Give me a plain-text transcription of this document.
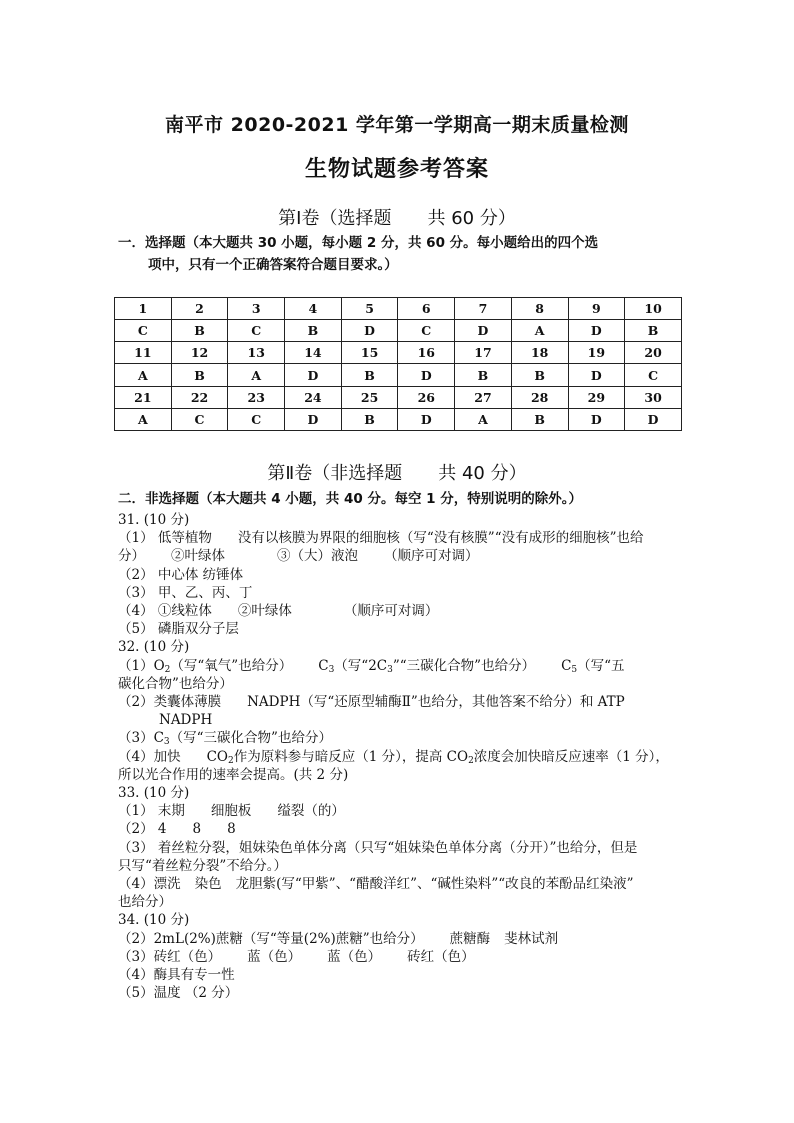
南平市 2020-2021 学年第一学期高一期末质量检测
生物试题参考答案
第Ⅰ卷（选择题　　共 60 分）
一．选择题（本大题共 30 小题，每小题 2 分，共 60 分。每小题给出的四个选
项中，只有一个正确答案符合题目要求。）
1	2	3	4	5	6	7	8	9	10
C	B	C	B	D	C	D	A	D	B
11	12	13	14	15	16	17	18	19	20
A	B	A	D	B	D	B	B	D	C
21	22	23	24	25	26	27	28	29	30
A	C	C	D	B	D	A	B	D	D
第Ⅱ卷（非选择题　　共 40 分）
二．非选择题（本大题共 4 小题，共 40 分。每空 1 分，特别说明的除外。）
31. (10 分)
（1） 低等植物 没有以核膜为界限的细胞核（写“没有核膜”“没有成形的细胞核”也给
分） ②叶绿体	③（大）液泡 （顺序可对调）
（2） 中心体 纺锤体
（3） 甲、乙、丙、丁
（4） ①线粒体 ②叶绿体	（顺序可对调）
（5） 磷脂双分子层
32. (10 分)
$(1)O_2$（写“氧气”也给分） $C_3$（写“$2C_3”“$三碳化合物”也给分） $C_5$（写“五
碳化合物”也给分）
（2）类囊体薄膜 NADPH（写“还原型辅酶Ⅱ”也给分，其他答案不给分）和 ATP
NADPH
$(3)C_3$（写“三碳化合物”也给分）
（4）加快 $CO_2$作为原料参与暗反应（1 分），提高 $CO_2$浓度会加快暗反应速率（1 分），
所以光合作用的速率会提高。(共 2 分)
33. (10 分)
（1） 末期 细胞板 缢裂（的）
（2） 4 8 8
（3） 着丝粒分裂，姐妹染色单体分离（只写“姐妹染色单体分离（分开）”也给分，但是
只写“着丝粒分裂”不给分。）
（4）漂洗 染色 龙胆紫(写“甲紫”、“醋酸洋红”、“碱性染料”“改良的苯酚品红染液”
也给分）
34. (10 分)
（2）2mL(2%)蔗糖（写“等量(2%)蔗糖”也给分） 蔗糖酶 斐林试剂
（3）砖红（色） 蓝（色） 蓝（色） 砖红（色）
（4）酶具有专一性
（5）温度 （2 分）
